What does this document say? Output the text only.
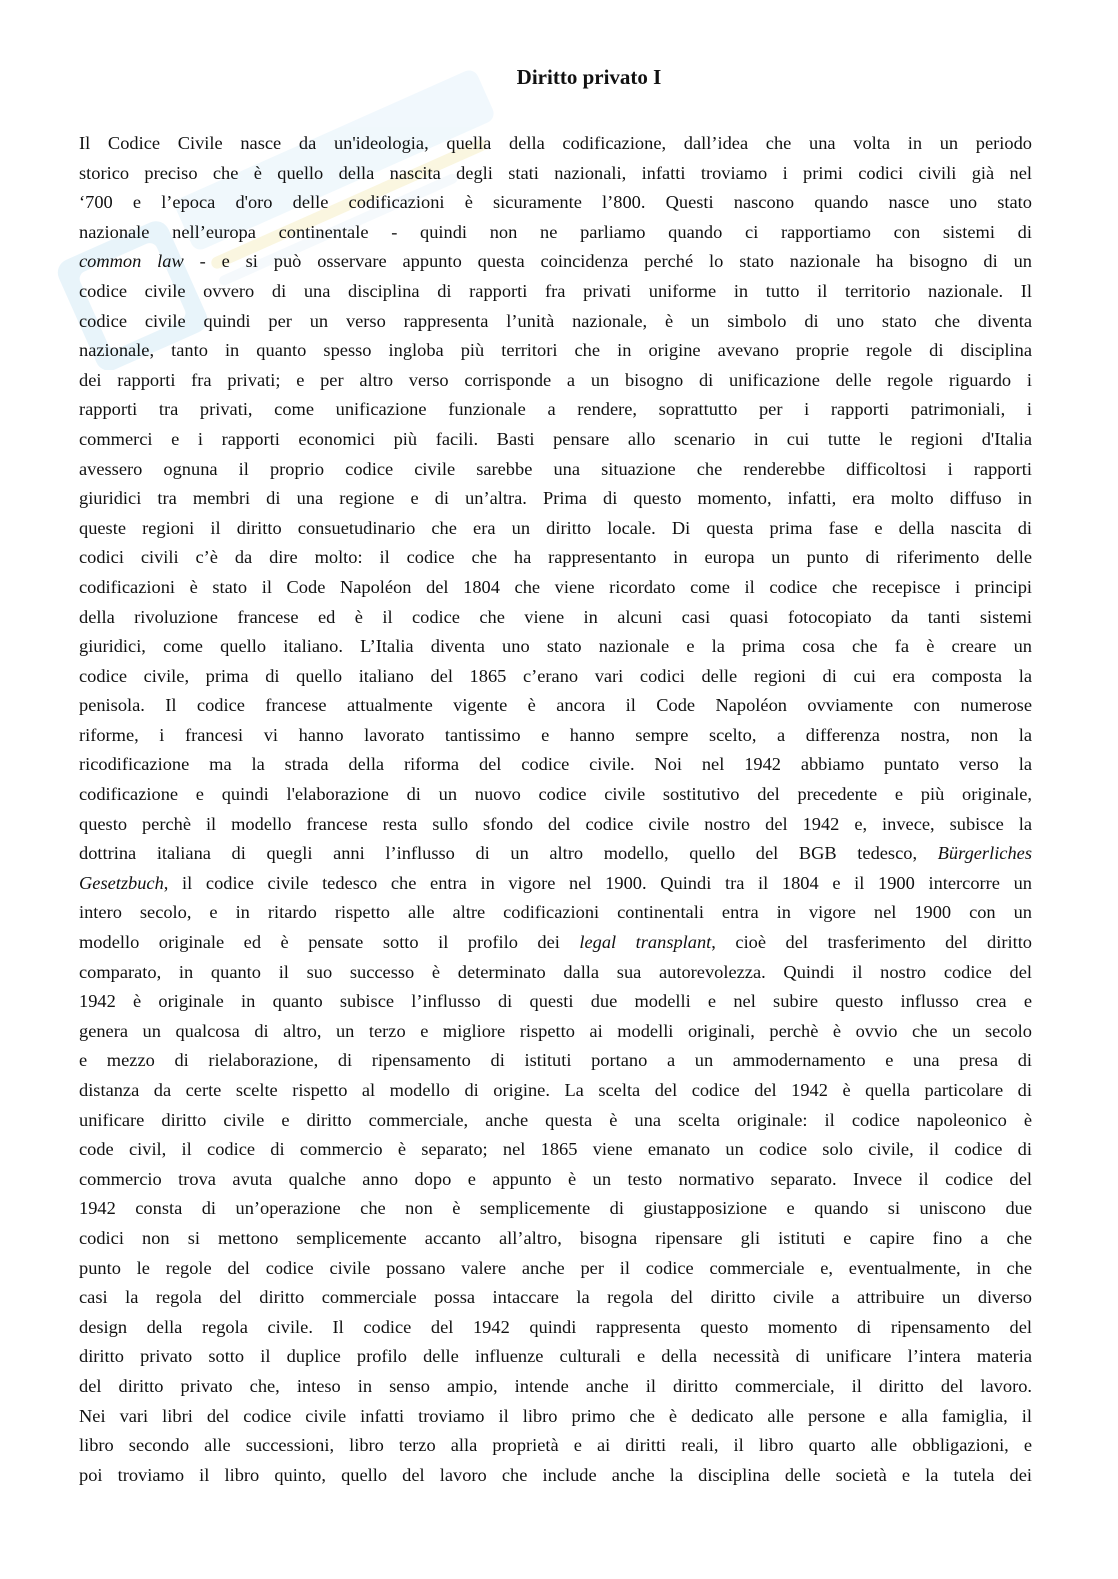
Diritto privato I
Il Codice Civile nasce da un'ideologia, quella della codificazione, dall’idea che una volta in un periodo
storico preciso che è quello della nascita degli stati nazionali, infatti troviamo i primi codici civili già nel
‘700 e l’epoca d'oro delle codificazioni è sicuramente l’800. Questi nascono quando nasce uno stato
nazionale nell’europa continentale - quindi non ne parliamo quando ci rapportiamo con sistemi di
common law - e si può osservare appunto questa coincidenza perché lo stato nazionale ha bisogno di un
codice civile ovvero di una disciplina di rapporti fra privati uniforme in tutto il territorio nazionale. Il
codice civile quindi per un verso rappresenta l’unità nazionale, è un simbolo di uno stato che diventa
nazionale, tanto in quanto spesso ingloba più territori che in origine avevano proprie regole di disciplina
dei rapporti fra privati; e per altro verso corrisponde a un bisogno di unificazione delle regole riguardo i
rapporti tra privati, come unificazione funzionale a rendere, soprattutto per i rapporti patrimoniali, i
commerci e i rapporti economici più facili. Basti pensare allo scenario in cui tutte le regioni d'Italia
avessero ognuna il proprio codice civile sarebbe una situazione che renderebbe difficoltosi i rapporti
giuridici tra membri di una regione e di un’altra. Prima di questo momento, infatti, era molto diffuso in
queste regioni il diritto consuetudinario che era un diritto locale. Di questa prima fase e della nascita di
codici civili c’è da dire molto: il codice che ha rappresentanto in europa un punto di riferimento delle
codificazioni è stato il Code Napoléon del 1804 che viene ricordato come il codice che recepisce i principi
della rivoluzione francese ed è il codice che viene in alcuni casi quasi fotocopiato da tanti sistemi
giuridici, come quello italiano. L’Italia diventa uno stato nazionale e la prima cosa che fa è creare un
codice civile, prima di quello italiano del 1865 c’erano vari codici delle regioni di cui era composta la
penisola. Il codice francese attualmente vigente è ancora il Code Napoléon ovviamente con numerose
riforme, i francesi vi hanno lavorato tantissimo e hanno sempre scelto, a differenza nostra, non la
ricodificazione ma la strada della riforma del codice civile. Noi nel 1942 abbiamo puntato verso la
codificazione e quindi l'elaborazione di un nuovo codice civile sostitutivo del precedente e più originale,
questo perchè il modello francese resta sullo sfondo del codice civile nostro del 1942 e, invece, subisce la
dottrina italiana di quegli anni l’influsso di un altro modello, quello del BGB tedesco, Bürgerliches
Gesetzbuch, il codice civile tedesco che entra in vigore nel 1900. Quindi tra il 1804 e il 1900 intercorre un
intero secolo, e in ritardo rispetto alle altre codificazioni continentali entra in vigore nel 1900 con un
modello originale ed è pensate sotto il profilo dei legal transplant, cioè del trasferimento del diritto
comparato, in quanto il suo successo è determinato dalla sua autorevolezza. Quindi il nostro codice del
1942 è originale in quanto subisce l’influsso di questi due modelli e nel subire questo influsso crea e
genera un qualcosa di altro, un terzo e migliore rispetto ai modelli originali, perchè è ovvio che un secolo
e mezzo di rielaborazione, di ripensamento di istituti portano a un ammodernamento e una presa di
distanza da certe scelte rispetto al modello di origine. La scelta del codice del 1942 è quella particolare di
unificare diritto civile e diritto commerciale, anche questa è una scelta originale: il codice napoleonico è
code civil, il codice di commercio è separato; nel 1865 viene emanato un codice solo civile, il codice di
commercio trova avuta qualche anno dopo e appunto è un testo normativo separato. Invece il codice del
1942 consta di un’operazione che non è semplicemente di giustapposizione e quando si uniscono due
codici non si mettono semplicemente accanto all’altro, bisogna ripensare gli istituti e capire fino a che
punto le regole del codice civile possano valere anche per il codice commerciale e, eventualmente, in che
casi la regola del diritto commerciale possa intaccare la regola del diritto civile a attribuire un diverso
design della regola civile. Il codice del 1942 quindi rappresenta questo momento di ripensamento del
diritto privato sotto il duplice profilo delle influenze culturali e della necessità di unificare l’intera materia
del diritto privato che, inteso in senso ampio, intende anche il diritto commerciale, il diritto del lavoro.
Nei vari libri del codice civile infatti troviamo il libro primo che è dedicato alle persone e alla famiglia, il
libro secondo alle successioni, libro terzo alla proprietà e ai diritti reali, il libro quarto alle obbligazioni, e
poi troviamo il libro quinto, quello del lavoro che include anche la disciplina delle società e la tutela dei
